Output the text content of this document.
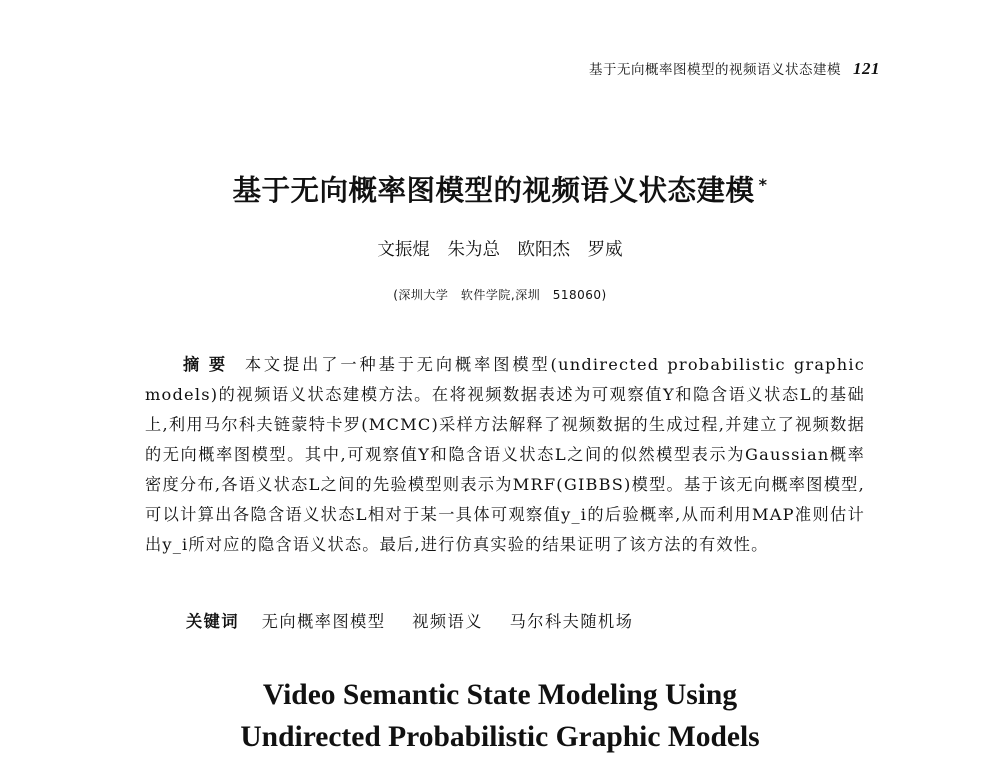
基于无向概率图模型的视频语义状态建模 121
基于无向概率图模型的视频语义状态建模 *
文振焜 朱为总 欧阳杰 罗威
(深圳大学　软件学院,深圳　518060)
摘要 本文提出了一种基于无向概率图模型(undirected probabilistic graphic models)的视频语义状态建模方法。在将视频数据表述为可观察值Y和隐含语义状态L的基础上,利用马尔科夫链蒙特卡罗(MCMC)采样方法解释了视频数据的生成过程,并建立了视频数据的无向概率图模型。其中,可观察值Y和隐含语义状态L之间的似然模型表示为Gaussian概率密度分布,各语义状态L之间的先验模型则表示为MRF(GIBBS)模型。基于该无向概率图模型,可以计算出各隐含语义状态L相对于某一具体可观察值y_i的后验概率,从而利用MAP准则估计出y_i所对应的隐含语义状态。最后,进行仿真实验的结果证明了该方法的有效性。
关键词 无向概率图模型 视频语义 马尔科夫随机场
Video Semantic State Modeling Using
Undirected Probabilistic Graphic Models
